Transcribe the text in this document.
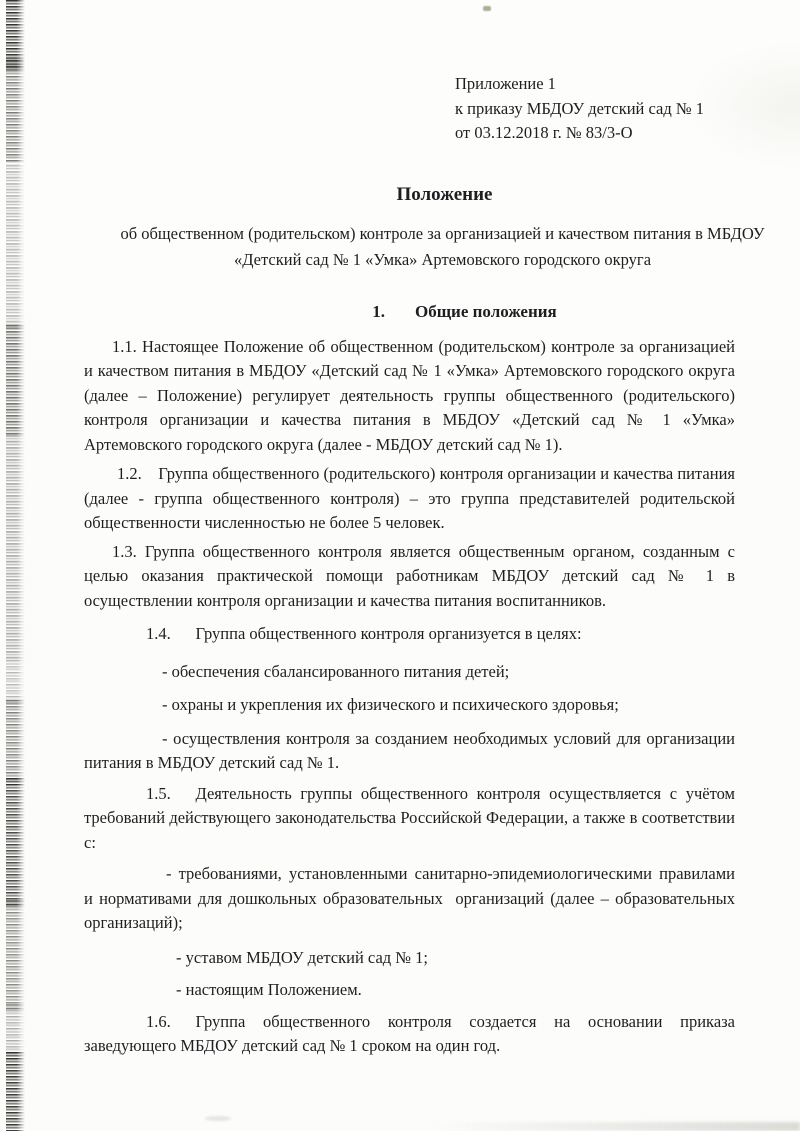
Приложение 1
к приказу МБДОУ детский сад № 1
от 03.12.2018 г. № 83/3-О
Положение
об общественном (родительском) контроле за организацией и качеством питания в МБДОУ «Детский сад № 1 «Умка» Артемовского городского округа
1. Общие положения

1.1. Настоящее Положение об общественном (родительском) контроле за организацией и качеством питания в МБДОУ «Детский сад № 1 «Умка» Артемовского городского округа (далее – Положение) регулирует деятельность группы общественного (родительского) контроля организации и качества питания в МБДОУ «Детский сад № 1 «Умка» Артемовского городского округа (далее - МБДОУ детский сад № 1).

1.2.  Группа общественного (родительского) контроля организации и качества питания (далее - группа общественного контроля) – это группа представителей родительской общественности численностью не более 5 человек.

1.3. Группа общественного контроля является общественным органом, созданным с целью оказания практической помощи работникам МБДОУ детский сад № 1 в осуществлении контроля организации и качества питания воспитанников.

1.4.  Группа общественного контроля организуется в целях:

- обеспечения сбалансированного питания детей;

- охраны и укрепления их физического и психического здоровья;

- осуществления контроля за созданием необходимых условий для организации питания в МБДОУ детский сад № 1.

1.5.  Деятельность группы общественного контроля осуществляется с учётом требований действующего законодательства Российской Федерации, а также в соответствии с:

- требованиями, установленными санитарно-эпидемиологическими правилами и нормативами для дошкольных образовательных  организаций (далее – образовательных организаций);

- уставом МБДОУ детский сад № 1;

- настоящим Положением.

1.6.  Группа общественного контроля создается на основании приказа заведующего МБДОУ детский сад № 1 сроком на один год.
